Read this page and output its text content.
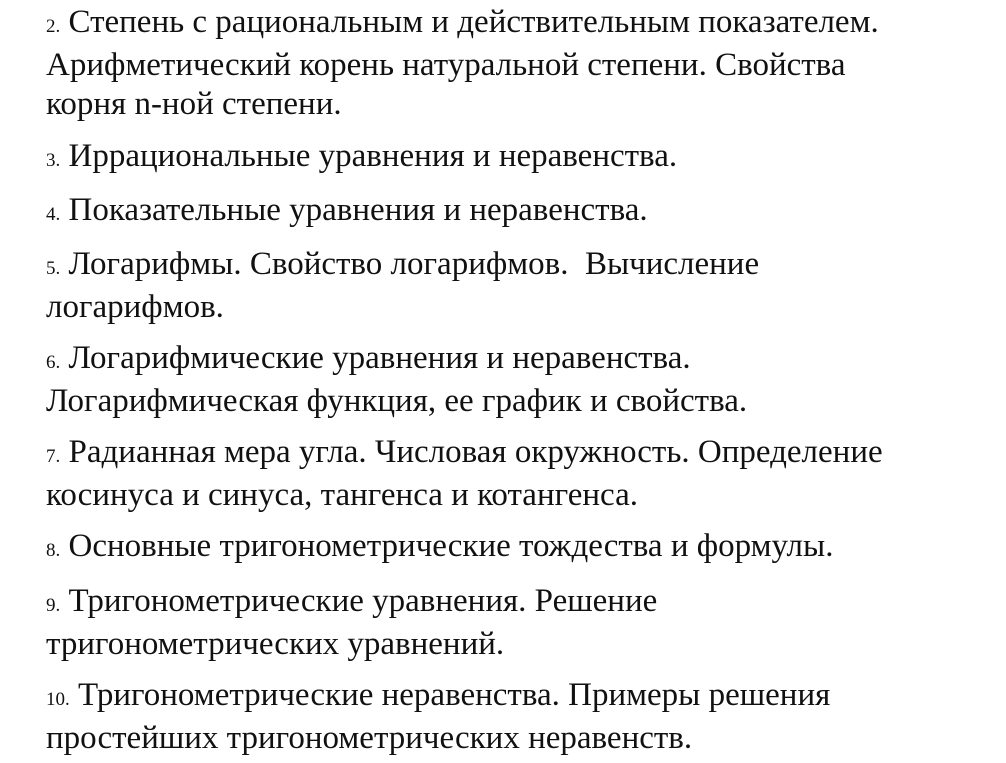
2. Степень с рациональным и действительным показателем.
Арифметический корень натуральной степени. Свойства
корня n-ной степени.
3. Иррациональные уравнения и неравенства.
4. Показательные уравнения и неравенства.
5. Логарифмы. Свойство логарифмов.  Вычисление
логарифмов.
6. Логарифмические уравнения и неравенства.
Логарифмическая функция, ее график и свойства.
7. Радианная мера угла. Числовая окружность. Определение
косинуса и синуса, тангенса и котангенса.
8. Основные тригонометрические тождества и формулы.
9. Тригонометрические уравнения. Решение
тригонометрических уравнений.
10. Тригонометрические неравенства. Примеры решения
простейших тригонометрических неравенств.
